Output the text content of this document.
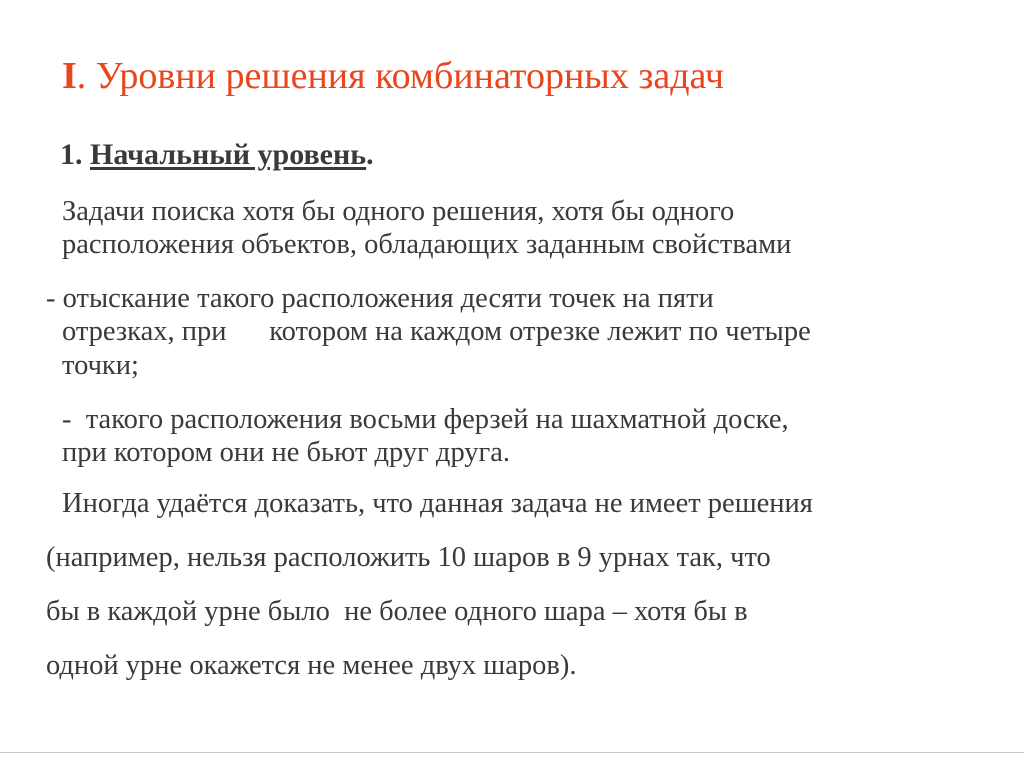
I. Уровни решения комбинаторных задач
1. Начальный уровень.

Задачи поиска хотя бы одного решения, хотя бы одного

расположения объектов, обладающих заданным свойствами

- отыскание такого расположения десяти точек на пяти

отрезках, при      котором на каждом отрезке лежит по четыре

точки;

-  такого расположения восьми ферзей на шахматной доске,

при котором они не бьют друг друга.

Иногда удаётся доказать, что данная задача не имеет решения

(например, нельзя расположить 10 шаров в 9 урнах так, что

бы в каждой урне было  не более одного шара – хотя бы в

одной урне окажется не менее двух шаров).
